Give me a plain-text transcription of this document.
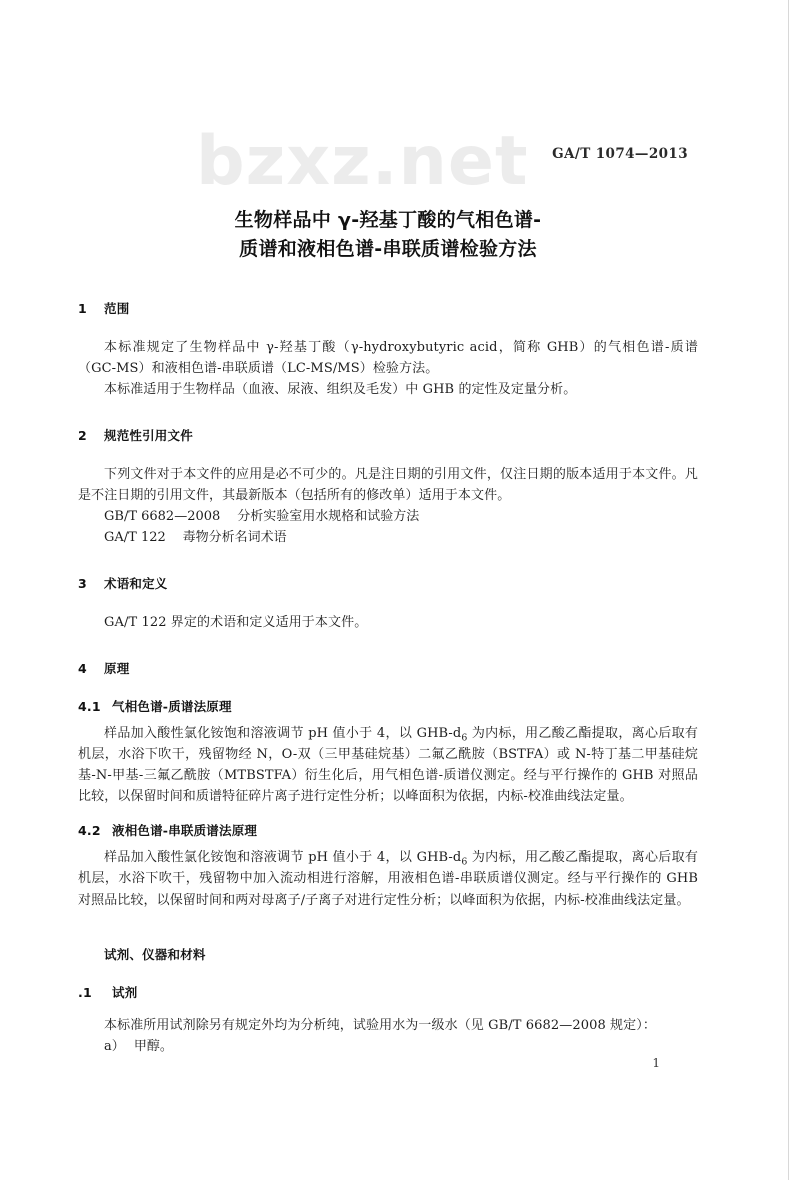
bzxz.net GA/T 1074—2013
生物样品中 γ-羟基丁酸的气相色谱-
质谱和液相色谱-串联质谱检验方法
1 范围

本标准规定了生物样品中 γ-羟基丁酸（γ-hydroxybutyric acid，简称 GHB）的气相色谱-质谱（GC-MS）和液相色谱-串联质谱（LC-MS/MS）检验方法。

本标准适用于生物样品（血液、尿液、组织及毛发）中 GHB 的定性及定量分析。

2 规范性引用文件

下列文件对于本文件的应用是必不可少的。凡是注日期的引用文件，仅注日期的版本适用于本文件。凡是不注日期的引用文件，其最新版本（包括所有的修改单）适用于本文件。

GB/T 6682—2008 分析实验室用水规格和试验方法
GA/T 122 毒物分析名词术语
3 术语和定义

GA/T 122 界定的术语和定义适用于本文件。

4 原理
4.1 气相色谱-质谱法原理

样品加入酸性氯化铵饱和溶液调节 pH 值小于 4，以 GHB-$d_6$ 为内标，用乙酸乙酯提取，离心后取有机层，水浴下吹干，残留物经 N，O-双（三甲基硅烷基）二氟乙酰胺（BSTFA）或 N-特丁基二甲基硅烷基-N-甲基-三氟乙酰胺（MTBSTFA）衍生化后，用气相色谱-质谱仪测定。经与平行操作的 GHB 对照品比较，以保留时间和质谱特征碎片离子进行定性分析；以峰面积为依据，内标-校准曲线法定量。

4.2 液相色谱-串联质谱法原理

样品加入酸性氯化铵饱和溶液调节 pH 值小于 4，以 GHB-$d_6$ 为内标，用乙酸乙酯提取，离心后取有机层，水浴下吹干，残留物中加入流动相进行溶解，用液相色谱-串联质谱仪测定。经与平行操作的 GHB 对照品比较，以保留时间和两对母离子/子离子对进行定性分析；以峰面积为依据，内标-校准曲线法定量。

试剂、仪器和材料
.1 试剂

本标准所用试剂除另有规定外均为分析纯，试验用水为一级水（见 GB/T 6682—2008 规定）：

a） 甲醇。
1
